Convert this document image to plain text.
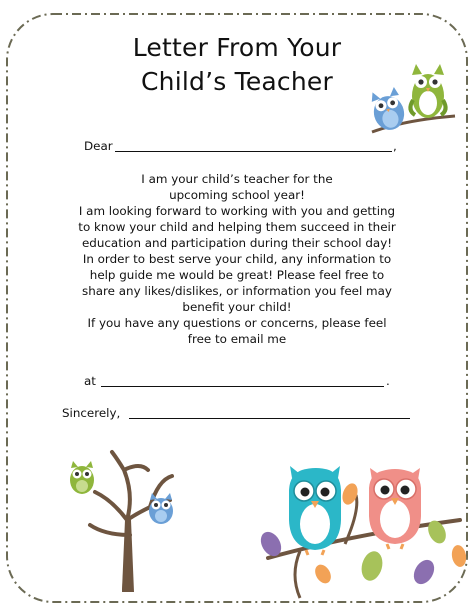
Letter From Your
Child’s Teacher
Dear	,
I am your child’s teacher for the
upcoming school year!
I am looking forward to working with you and getting
to know your child and helping them succeed in their
education and participation during their school day!
In order to best serve your child, any information to
help guide me would be great! Please feel free to
share any likes/dislikes, or information you feel may
benefit your child!
If you have any questions or concerns, please feel
free to email me
at	.
Sincerely,
